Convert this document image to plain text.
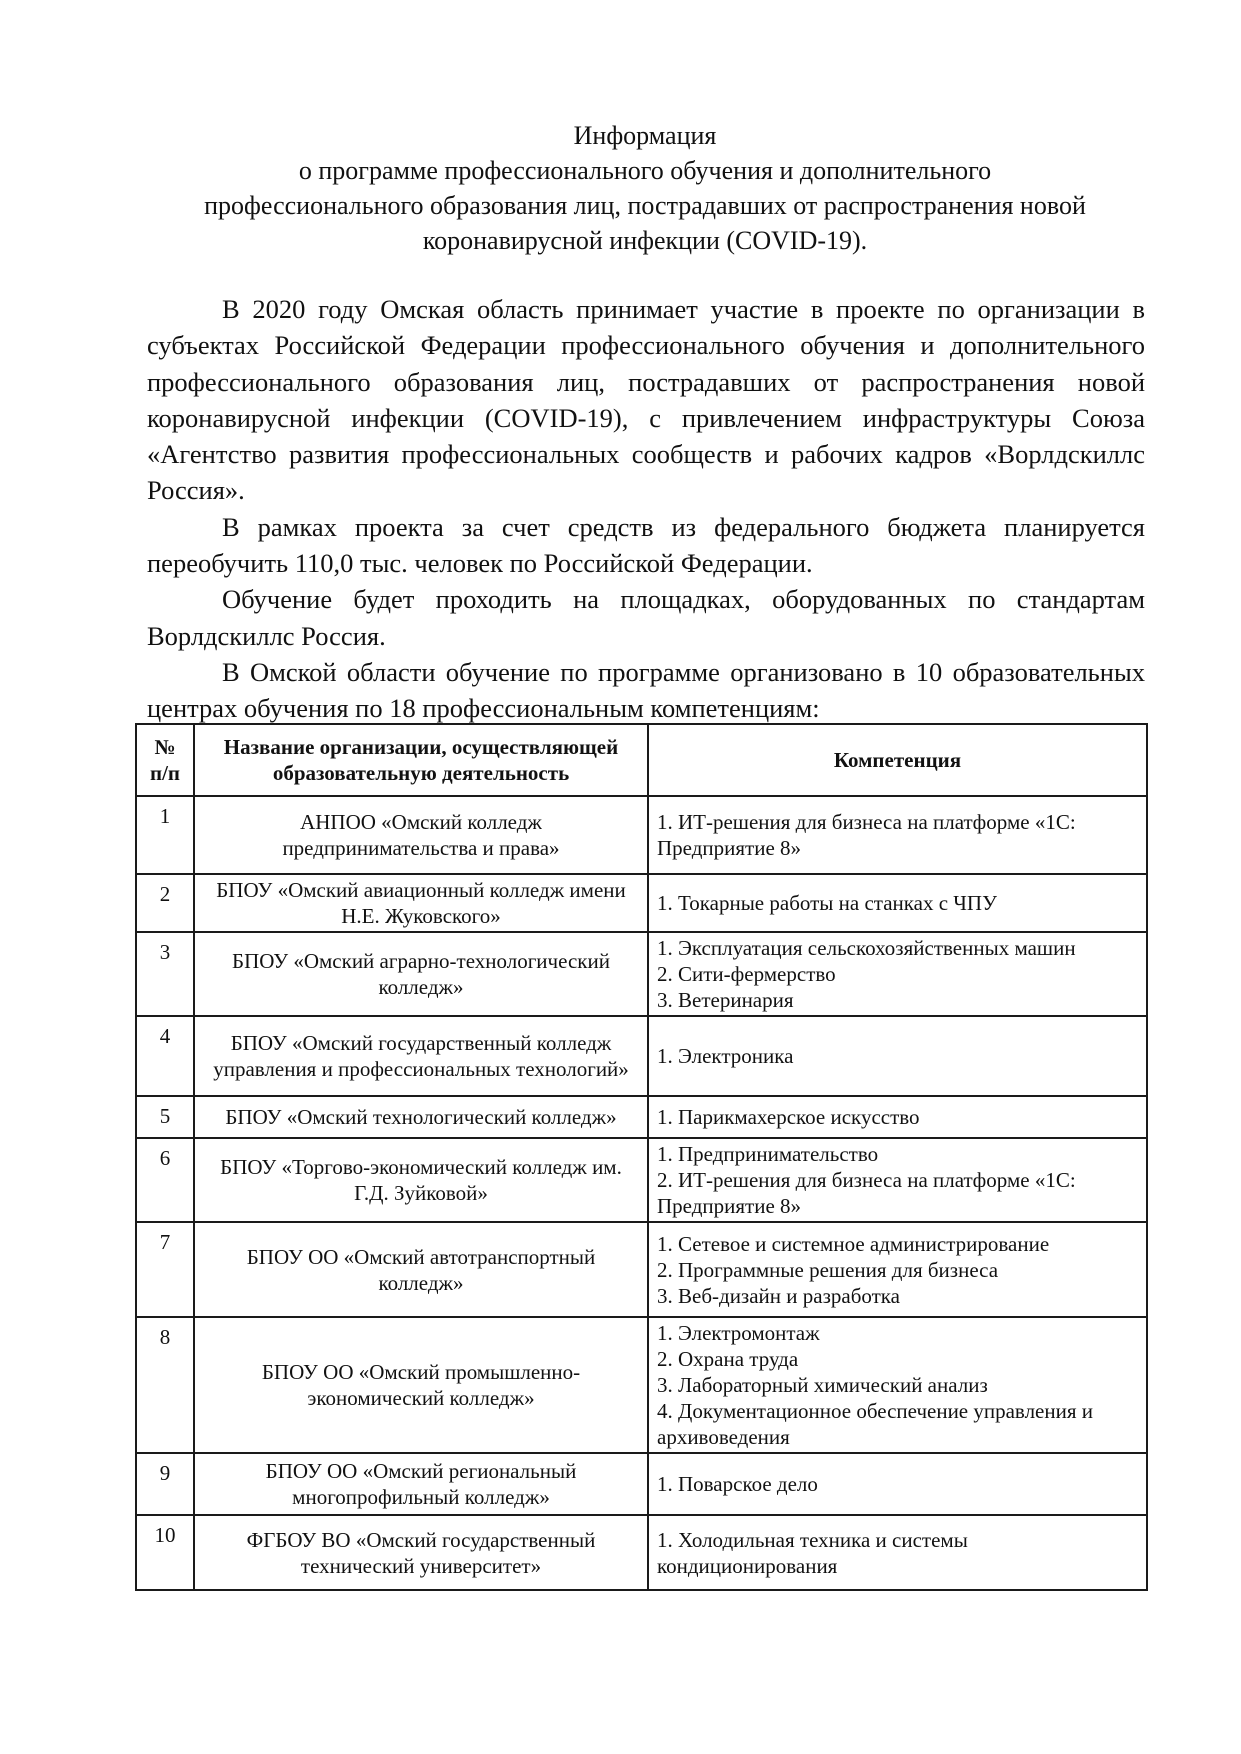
Информация
о программе профессионального обучения и дополнительного
профессионального образования лиц, пострадавших от распространения новой
коронавирусной инфекции (COVID-19).

В 2020 году Омская область принимает участие в проекте по организации в субъектах Российской Федерации профессионального обучения и дополнительного профессионального образования лиц, пострадавших от распространения новой коронавирусной инфекции (COVID-19), с привлечением инфраструктуры Союза «Агентство развития профессиональных сообществ и рабочих кадров «Ворлдскиллс Россия».

В рамках проекта за счет средств из федерального бюджета планируется переобучить 110,0 тыс. человек по Российской Федерации.

Обучение будет проходить на площадках, оборудованных по стандартам Ворлдскиллс Россия.

В Омской области обучение по программе организовано в 10 образовательных центрах обучения по 18 профессиональным компетенциям:

№ п/п	Название организации, осуществляющей образовательную деятельность	Компетенция
1	АНПОО «Омский колледж предпринимательства и права»	1. ИТ-решения для бизнеса на платформе «1С: Предприятие 8»

2	БПОУ «Омский авиационный колледж имени Н.Е. Жуковского»	1. Токарные работы на станках с ЧПУ

3	БПОУ «Омский аграрно-технологический колледж»	1. Эксплуатация сельскохозяйственных машин
2. Сити-фермерство
3. Ветеринария

4	БПОУ «Омский государственный колледж управления и профессиональных технологий»	1. Электроника

5	БПОУ «Омский технологический колледж»	1. Парикмахерское искусство

6	БПОУ «Торгово-экономический колледж им. Г.Д. Зуйковой»	1. Предпринимательство
2. ИТ-решения для бизнеса на платформе «1С: Предприятие 8»

7	БПОУ ОО «Омский автотранспортный колледж»	1. Сетевое и системное администрирование
2. Программные решения для бизнеса
3. Веб-дизайн и разработка

8	БПОУ ОО «Омский промышленно-экономический колледж»	1. Электромонтаж
2. Охрана труда
3. Лабораторный химический анализ
4. Документационное обеспечение управления и архивоведения

9	БПОУ ОО «Омский региональный многопрофильный колледж»	1. Поварское дело

10	ФГБОУ ВО «Омский государственный технический университет»	1. Холодильная техника и системы кондиционирования
